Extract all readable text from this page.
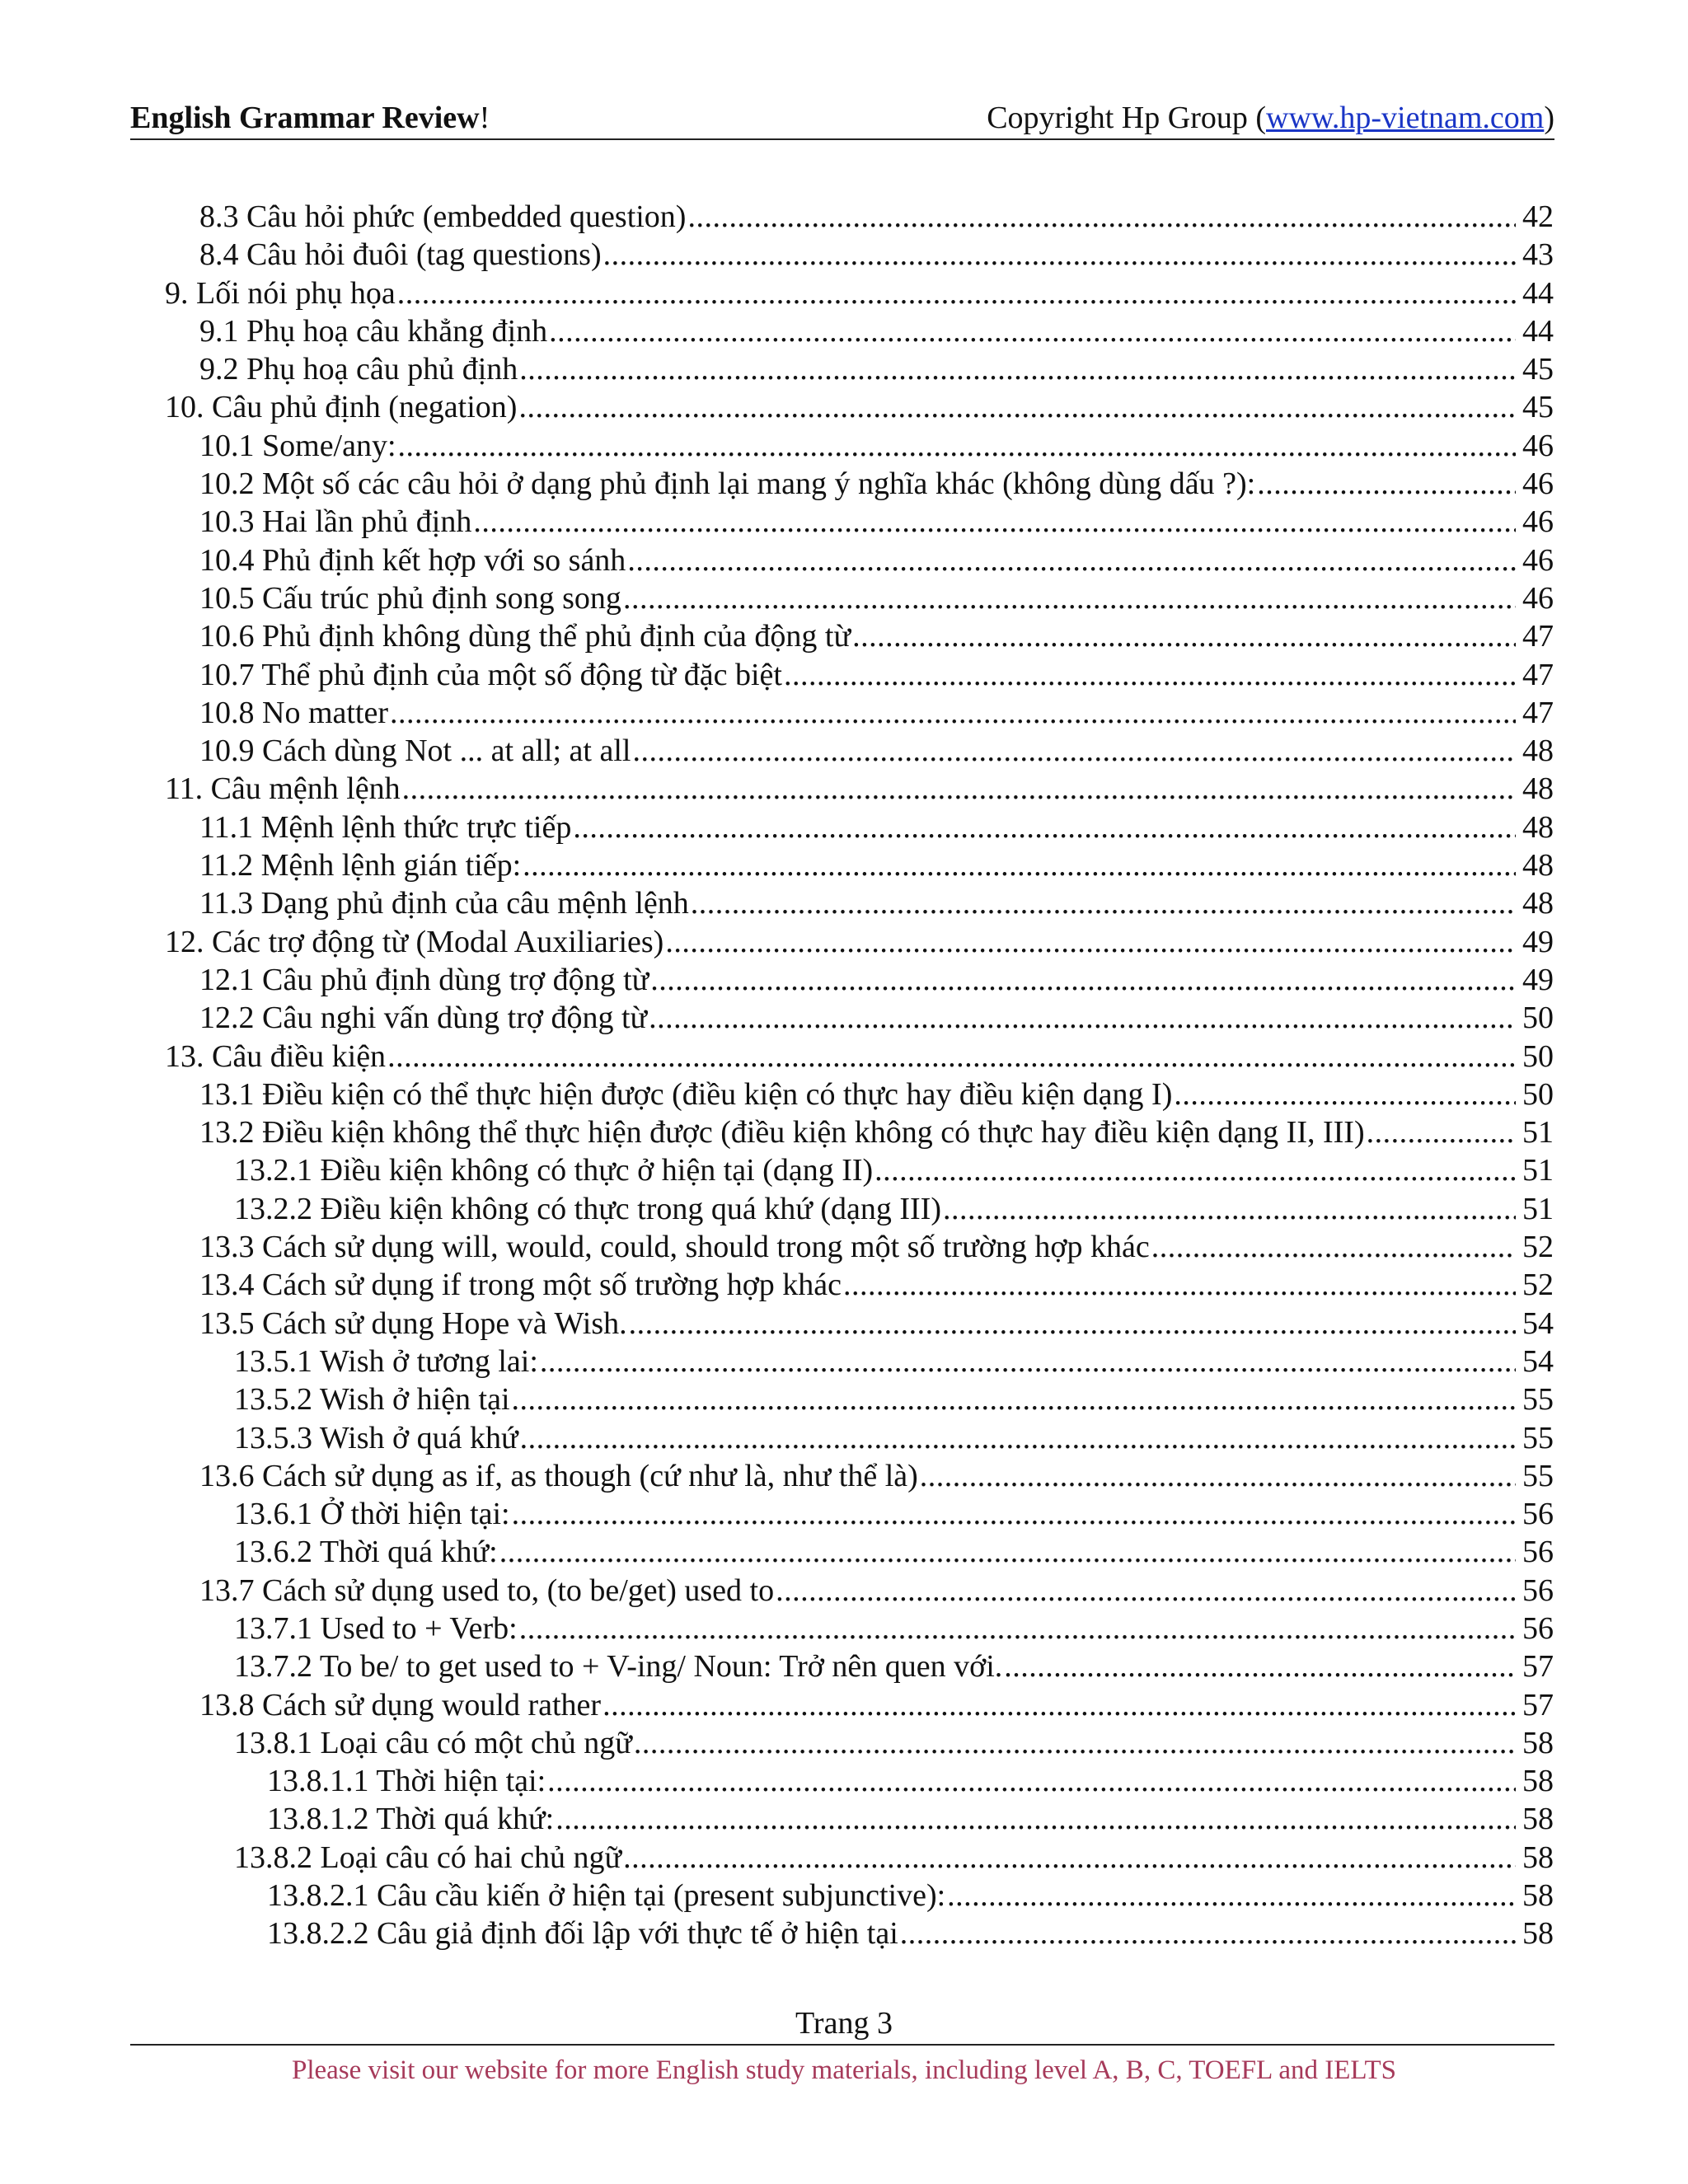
English Grammar Review!	Copyright Hp Group (www.hp-vietnam.com)
8.3 Câu hỏi phức (embedded question) .....	42
8.4 Câu hỏi đuôi (tag questions) .....	43
9. Lối nói phụ họa .....	44
9.1 Phụ hoạ câu khẳng định .....	44
9.2 Phụ hoạ câu phủ định .....	45
10. Câu phủ định (negation) .....	45
10.1 Some/any: .....	46
10.2 Một số các câu hỏi ở dạng phủ định lại mang ý nghĩa khác (không dùng dấu ?): .....	46
10.3 Hai lần phủ định .....	46
10.4 Phủ định kết hợp với so sánh .....	46
10.5 Cấu trúc phủ định song song .....	46
10.6 Phủ định không dùng thể phủ định của động từ .....	47
10.7 Thể phủ định của một số động từ đặc biệt .....	47
10.8 No matter .....	47
10.9 Cách dùng Not ... at all; at all .....	48
11. Câu mệnh lệnh .....	48
11.1 Mệnh lệnh thức trực tiếp .....	48
11.2 Mệnh lệnh gián tiếp: .....	48
11.3 Dạng phủ định của câu mệnh lệnh .....	48
12. Các trợ động từ (Modal Auxiliaries) .....	49
12.1 Câu phủ định dùng trợ động từ .....	49
12.2 Câu nghi vấn dùng trợ động từ .....	50
13. Câu điều kiện .....	50
13.1 Điều kiện có thể thực hiện được (điều kiện có thực hay điều kiện dạng I) .....	50
13.2 Điều kiện không thể thực hiện được (điều kiện không có thực hay điều kiện dạng II, III) .....	51
13.2.1 Điều kiện không có thực ở hiện tại (dạng II) .....	51
13.2.2 Điều kiện không có thực trong quá khứ (dạng III) .....	51
13.3 Cách sử dụng will, would, could, should trong một số trường hợp khác .....	52
13.4 Cách sử dụng if trong một số trường hợp khác .....	52
13.5 Cách sử dụng Hope và Wish. .....	54
13.5.1 Wish ở tương lai: .....	54
13.5.2 Wish ở hiện tại .....	55
13.5.3 Wish ở quá khứ .....	55
13.6 Cách sử dụng as if, as though (cứ như là, như thể là) .....	55
13.6.1 Ở thời hiện tại: .....	56
13.6.2 Thời quá khứ: .....	56
13.7 Cách sử dụng used to, (to be/get) used to .....	56
13.7.1 Used to + Verb: .....	56
13.7.2 To be/ to get used to + V-ing/ Noun: Trở nên quen với. .....	57
13.8 Cách sử dụng would rather .....	57
13.8.1 Loại câu có một chủ ngữ .....	58
13.8.1.1 Thời hiện tại: .....	58
13.8.1.2 Thời quá khứ: .....	58
13.8.2 Loại câu có hai chủ ngữ .....	58
13.8.2.1 Câu cầu kiến ở hiện tại (present subjunctive): .....	58
13.8.2.2 Câu giả định đối lập với thực tế ở hiện tại .....	58
Trang 3
Please visit our website for more English study materials, including level A, B, C, TOEFL and IELTS
